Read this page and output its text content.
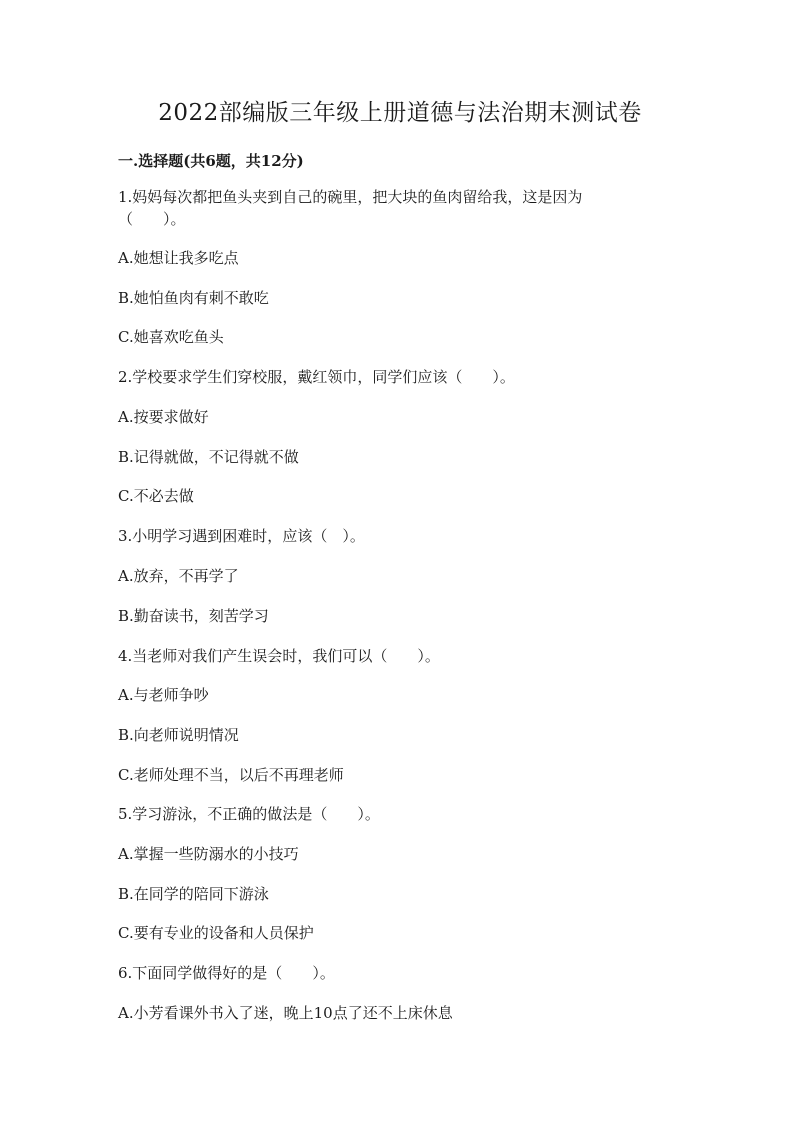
2022部编版三年级上册道德与法治期末测试卷
一.选择题(共6题，共12分)
1.妈妈每次都把鱼头夹到自己的碗里，把大块的鱼肉留给我，这是因为
（　　）。
A.她想让我多吃点
B.她怕鱼肉有刺不敢吃
C.她喜欢吃鱼头
2.学校要求学生们穿校服，戴红领巾，同学们应该（　　）。
A.按要求做好
B.记得就做，不记得就不做
C.不必去做
3.小明学习遇到困难时，应该（　）。
A.放弃，不再学了
B.勤奋读书，刻苦学习
4.当老师对我们产生误会时，我们可以（　　）。
A.与老师争吵
B.向老师说明情况
C.老师处理不当，以后不再理老师
5.学习游泳，不正确的做法是（　　）。
A.掌握一些防溺水的小技巧
B.在同学的陪同下游泳
C.要有专业的设备和人员保护
6.下面同学做得好的是（　　）。
A.小芳看课外书入了迷，晚上10点了还不上床休息
